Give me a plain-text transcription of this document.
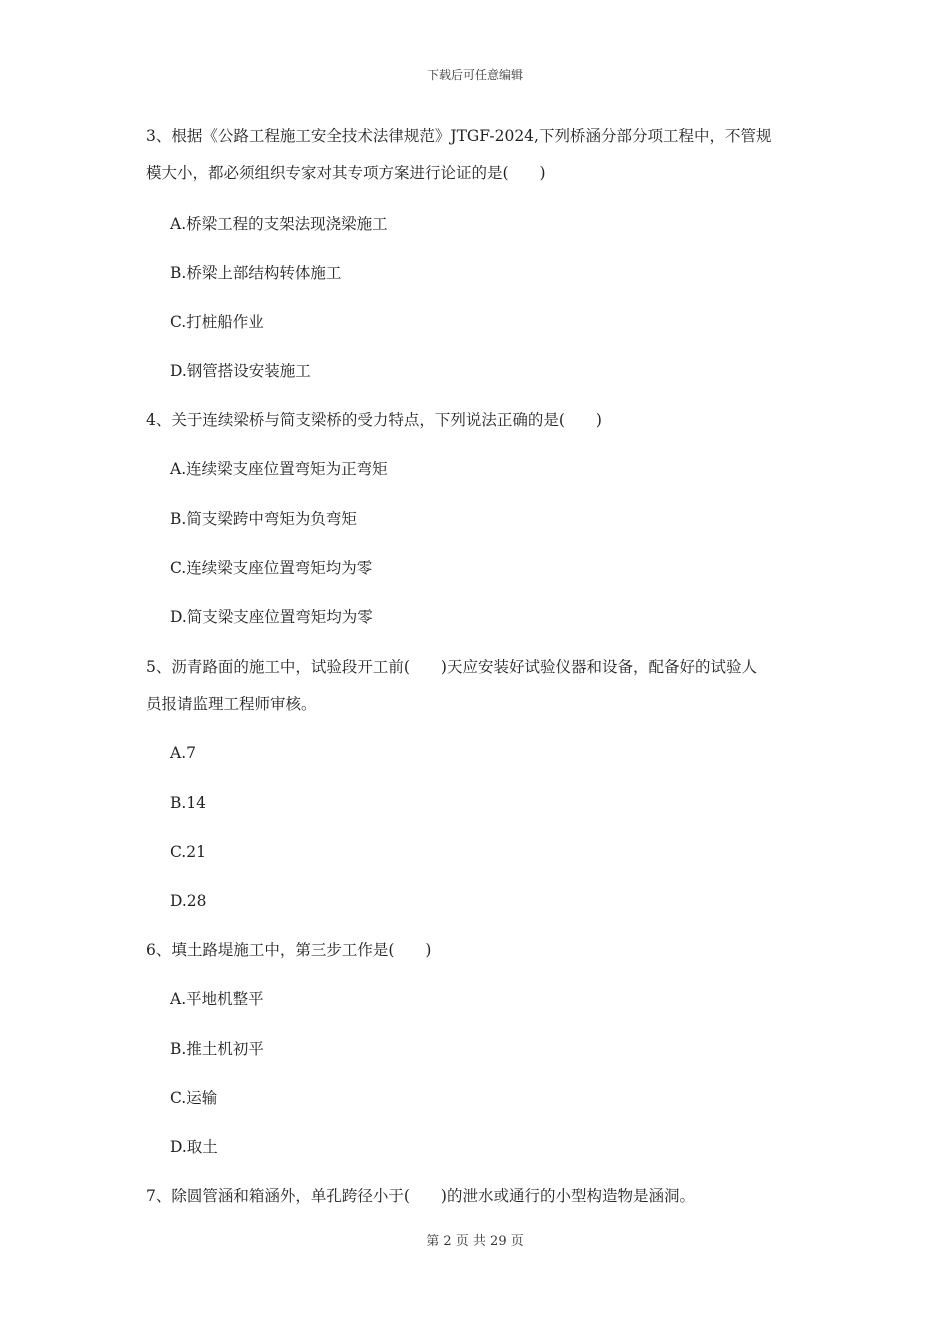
下载后可任意编辑
3、根据《公路工程施工安全技术法律规范》JTGF-2024,下列桥涵分部分项工程中，不管规
模大小，都必须组织专家对其专项方案进行论证的是(　　)
A.桥梁工程的支架法现浇梁施工
B.桥梁上部结构转体施工
C.打桩船作业
D.钢管搭设安装施工
4、关于连续梁桥与简支梁桥的受力特点，下列说法正确的是(　　)
A.连续梁支座位置弯矩为正弯矩
B.简支梁跨中弯矩为负弯矩
C.连续梁支座位置弯矩均为零
D.简支梁支座位置弯矩均为零
5、沥青路面的施工中，试验段开工前(　　)天应安装好试验仪器和设备，配备好的试验人
员报请监理工程师审核。
A.7
B.14
C.21
D.28
6、填土路堤施工中，第三步工作是(　　)
A.平地机整平
B.推土机初平
C.运输
D.取土
7、除圆管涵和箱涵外，单孔跨径小于(　　)的泄水或通行的小型构造物是涵洞。
第 2 页 共 29 页
